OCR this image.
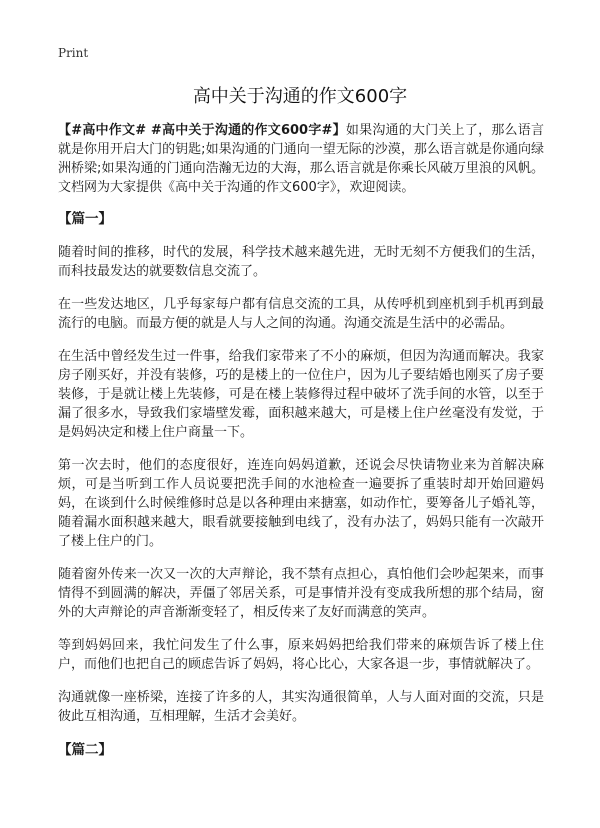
Print
高中关于沟通的作文600字

【#高中作文# #高中关于沟通的作文600字#】如果沟通的大门关上了，那么语言就是你用开启大门的钥匙;如果沟通的门通向一望无际的沙漠，那么语言就是你通向绿洲桥梁;如果沟通的门通向浩瀚无边的大海，那么语言就是你乘长风破万里浪的风帆。文档网为大家提供《高中关于沟通的作文600字》，欢迎阅读。

【篇一】

随着时间的推移，时代的发展，科学技术越来越先进，无时无刻不方便我们的生活，而科技最发达的就要数信息交流了。

在一些发达地区，几乎每家每户都有信息交流的工具，从传呼机到座机到手机再到最流行的电脑。而最方便的就是人与人之间的沟通。沟通交流是生活中的必需品。

在生活中曾经发生过一件事，给我们家带来了不小的麻烦，但因为沟通而解决。我家房子刚买好，并没有装修，巧的是楼上的一位住户，因为儿子要结婚也刚买了房子要装修，于是就让楼上先装修，可是在楼上装修得过程中破坏了洗手间的水管，以至于漏了很多水，导致我们家墙壁发霉，面积越来越大，可是楼上住户丝毫没有发觉，于是妈妈决定和楼上住户商量一下。

第一次去时，他们的态度很好，连连向妈妈道歉，还说会尽快请物业来为首解决麻烦，可是当听到工作人员说要把洗手间的水池检查一遍要拆了重装时却开始回避妈妈，在谈到什么时候维修时总是以各种理由来搪塞，如动作忙，要筹备儿子婚礼等，随着漏水面积越来越大，眼看就要接触到电线了，没有办法了，妈妈只能有一次敲开了楼上住户的门。

随着窗外传来一次又一次的大声辩论，我不禁有点担心，真怕他们会吵起架来，而事情得不到圆满的解决，弄僵了邻居关系，可是事情并没有变成我所想的那个结局，窗外的大声辩论的声音渐渐变轻了，相反传来了友好而满意的笑声。

等到妈妈回来，我忙问发生了什么事，原来妈妈把给我们带来的麻烦告诉了楼上住户，而他们也把自己的顾虑告诉了妈妈，将心比心，大家各退一步，事情就解决了。

沟通就像一座桥梁，连接了许多的人，其实沟通很简单，人与人面对面的交流，只是彼此互相沟通，互相理解，生活才会美好。

【篇二】
